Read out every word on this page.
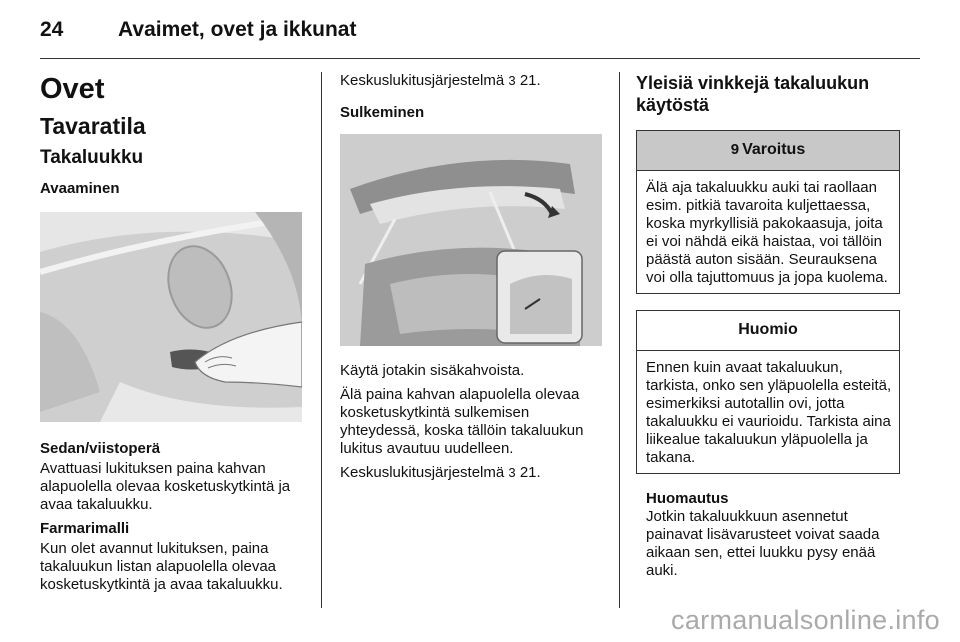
24	Avaimet, ovet ja ikkunat
Ovet
Tavaratila
Takaluukku
Avaaminen
Sedan/viistoperä

Avattuasi lukituksen paina kahvan alapuolella olevaa kosketuskytkintä ja avaa takaluukku.

Farmarimalli

Kun olet avannut lukituksen, paina takaluukun listan alapuolella olevaa kosketuskytkintä ja avaa takaluukku.

Keskuslukitusjärjestelmä 3 21.

Sulkeminen

Käytä jotakin sisäkahvoista.

Älä paina kahvan alapuolella olevaa kosketuskytkintä sulkemisen yhteydessä, koska tällöin takaluukun lukitus avautuu uudelleen.

Keskuslukitusjärjestelmä 3 21.

Yleisiä vinkkejä takaluukun käytöstä
9 Varoitus
Älä aja takaluukku auki tai raollaan esim. pitkiä tavaroita kuljettaessa, koska myrkyllisiä pakokaasuja, joita ei voi nähdä eikä haistaa, voi tällöin päästä auton sisään. Seurauksena voi olla tajuttomuus ja jopa kuolema.
Huomio
Ennen kuin avaat takaluukun, tarkista, onko sen yläpuolella esteitä, esimerkiksi autotallin ovi, jotta takaluukku ei vaurioidu. Tarkista aina liikealue takaluukun yläpuolella ja takana.
Huomautus
Jotkin takaluukkuun asennetut painavat lisävarusteet voivat saada aikaan sen, ettei luukku pysy enää auki.
carmanualsonline.info
